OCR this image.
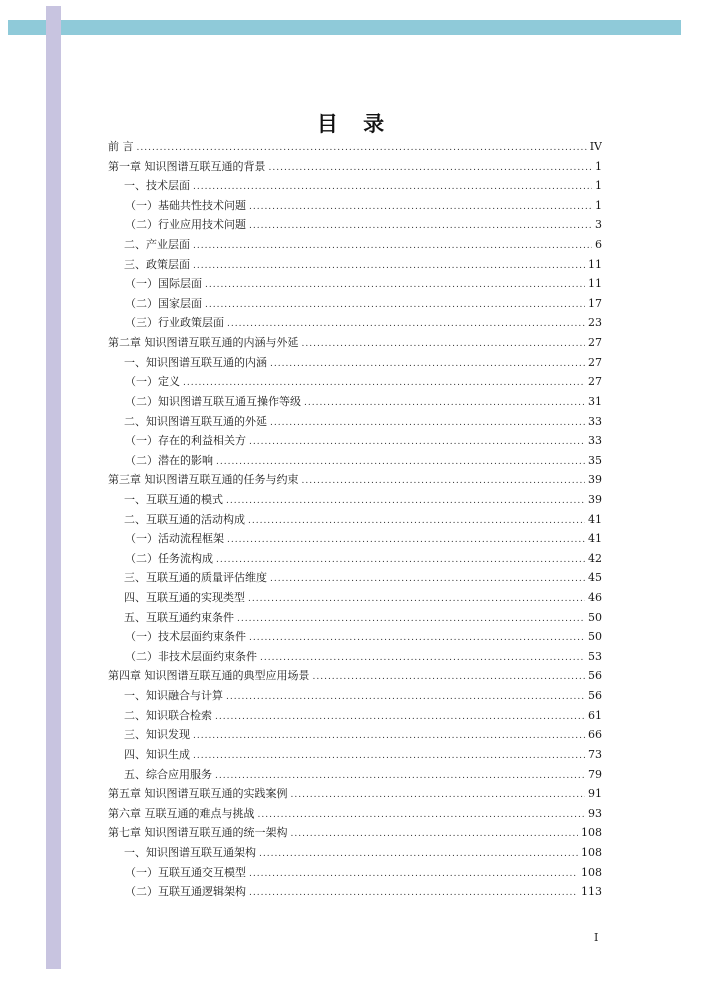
目 录
前 言 .....	IV
第一章 知识图谱互联互通的背景 .....	1
一、技术层面 .....	1
（一）基础共性技术问题 .....	1
（二）行业应用技术问题 .....	3
二、产业层面 .....	6
三、政策层面 .....	11
（一）国际层面 .....	11
（二）国家层面 .....	17
（三）行业政策层面 .....	23
第二章 知识图谱互联互通的内涵与外延 .....	27
一、知识图谱互联互通的内涵 .....	27
（一）定义 .....	27
（二）知识图谱互联互通互操作等级 .....	31
二、知识图谱互联互通的外延 .....	33
（一）存在的利益相关方 .....	33
（二）潜在的影响 .....	35
第三章 知识图谱互联互通的任务与约束 .....	39
一、互联互通的模式 .....	39
二、互联互通的活动构成 .....	41
（一）活动流程框架 .....	41
（二）任务流构成 .....	42
三、互联互通的质量评估维度 .....	45
四、互联互通的实现类型 .....	46
五、互联互通约束条件 .....	50
（一）技术层面约束条件 .....	50
（二）非技术层面约束条件 .....	53
第四章 知识图谱互联互通的典型应用场景 .....	56
一、知识融合与计算 .....	56
二、知识联合检索 .....	61
三、知识发现 .....	66
四、知识生成 .....	73
五、综合应用服务 .....	79
第五章 知识图谱互联互通的实践案例 .....	91
第六章 互联互通的难点与挑战 .....	93
第七章 知识图谱互联互通的统一架构 .....	108
一、知识图谱互联互通架构 .....	108
（一）互联互通交互模型 .....	108
（二）互联互通逻辑架构 .....	113
I
